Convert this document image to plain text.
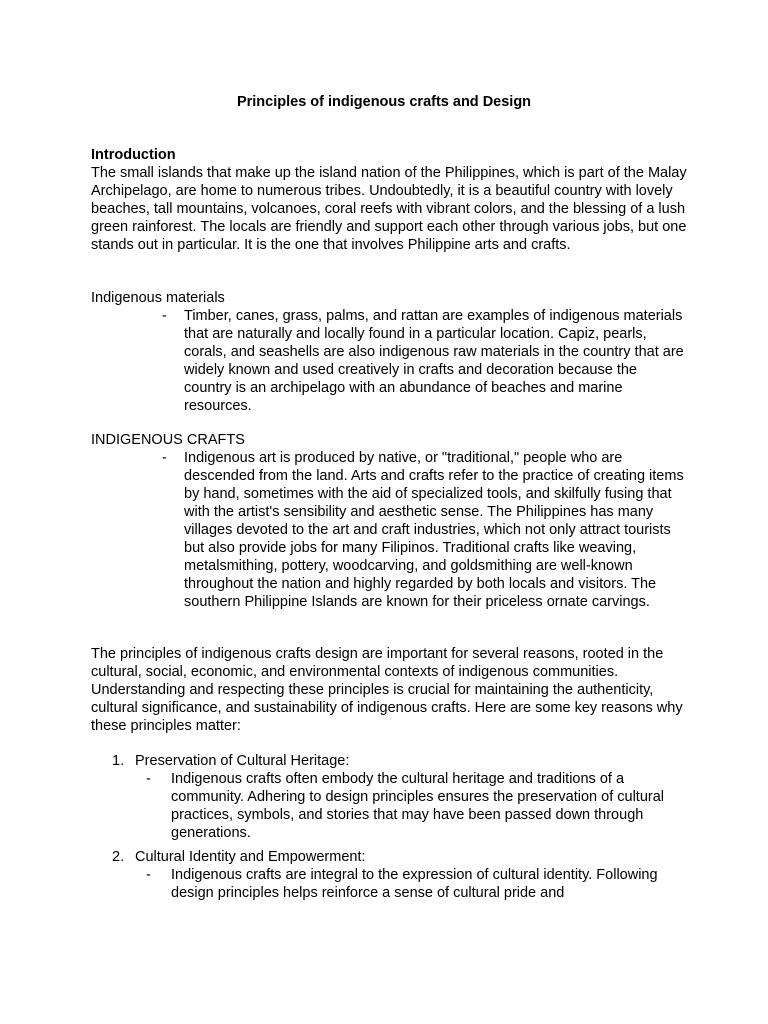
Principles of indigenous crafts and Design

Introduction

The small islands that make up the island nation of the Philippines, which is part of the Malay Archipelago, are home to numerous tribes. Undoubtedly, it is a beautiful country with lovely beaches, tall mountains, volcanoes, coral reefs with vibrant colors, and the blessing of a lush green rainforest. The locals are friendly and support each other through various jobs, but one stands out in particular. It is the one that involves Philippine arts and crafts.

Indigenous materials
- Timber, canes, grass, palms, and rattan are examples of indigenous materials that are naturally and locally found in a particular location. Capiz, pearls, corals, and seashells are also indigenous raw materials in the country that are widely known and used creatively in crafts and decoration because the country is an archipelago with an abundance of beaches and marine resources.

INDIGENOUS CRAFTS
- Indigenous art is produced by native, or "traditional," people who are descended from the land. Arts and crafts refer to the practice of creating items by hand, sometimes with the aid of specialized tools, and skilfully fusing that with the artist's sensibility and aesthetic sense. The Philippines has many villages devoted to the art and craft industries, which not only attract tourists but also provide jobs for many Filipinos. Traditional crafts like weaving, metalsmithing, pottery, woodcarving, and goldsmithing are well-known throughout the nation and highly regarded by both locals and visitors. The southern Philippine Islands are known for their priceless ornate carvings.

The principles of indigenous crafts design are important for several reasons, rooted in the cultural, social, economic, and environmental contexts of indigenous communities. Understanding and respecting these principles is crucial for maintaining the authenticity, cultural significance, and sustainability of indigenous crafts. Here are some key reasons why these principles matter:
1. Preservation of Cultural Heritage:
- Indigenous crafts often embody the cultural heritage and traditions of a community. Adhering to design principles ensures the preservation of cultural practices, symbols, and stories that may have been passed down through generations.

2. Cultural Identity and Empowerment:
- Indigenous crafts are integral to the expression of cultural identity. Following design principles helps reinforce a sense of cultural pride and
